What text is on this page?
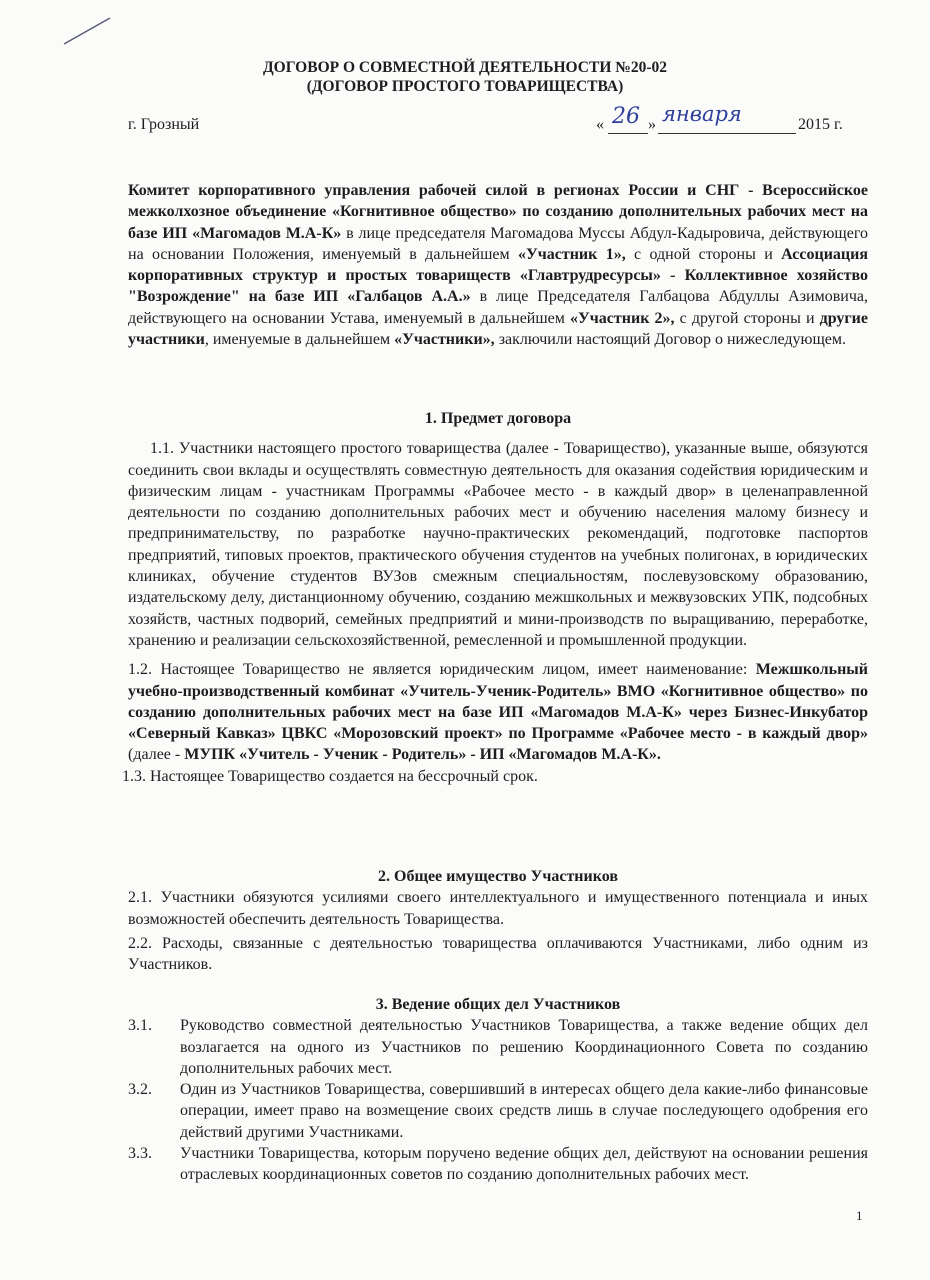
ДОГОВОР О СОВМЕСТНОЙ ДЕЯТЕЛЬНОСТИ №20-02
(ДОГОВОР ПРОСТОГО ТОВАРИЩЕСТВА)
г. Грозный	« 26 » января	2015 г.

Комитет корпоративного управления рабочей силой в регионах России и СНГ - Всероссийское межколхозное объединение «Когнитивное общество» по созданию дополнительных рабочих мест на базе ИП «Магомадов М.А-К» в лице председателя Магомадова Муссы Абдул-Кадыровича, действующего на основании Положения, именуемый в дальнейшем «Участник 1», с одной стороны и Ассоциация корпоративных структур и простых товариществ «Главтрудресурсы» - Коллективное хозяйство "Возрождение" на базе ИП «Галбацов А.А.» в лице Председателя Галбацова Абдуллы Азимовича, действующего на основании Устава, именуемый в дальнейшем «Участник 2», с другой стороны и другие участники, именуемые в дальнейшем «Участники», заключили настоящий Договор о нижеследующем.

1. Предмет договора

1.1. Участники настоящего простого товарищества (далее - Товарищество), указанные выше, обязуются соединить свои вклады и осуществлять совместную деятельность для оказания содействия юридическим и физическим лицам - участникам Программы «Рабочее место - в каждый двор» в целенаправленной деятельности по созданию дополнительных рабочих мест и обучению населения малому бизнесу и предпринимательству, по разработке научно-практических рекомендаций, подготовке паспортов предприятий, типовых проектов, практического обучения студентов на учебных полигонах, в юридических клиниках, обучение студентов ВУЗов смежным специальностям, послевузовскому образованию, издательскому делу, дистанционному обучению, созданию межшкольных и межвузовских УПК, подсобных хозяйств, частных подворий, семейных предприятий и мини-производств по выращиванию, переработке, хранению и реализации сельскохозяйственной, ремесленной и промышленной продукции.

1.2. Настоящее Товарищество не является юридическим лицом, имеет наименование: Межшкольный учебно-производственный комбинат «Учитель-Ученик-Родитель» ВМО «Когнитивное общество» по созданию дополнительных рабочих мест на базе ИП «Магомадов М.А-К» через Бизнес-Инкубатор «Северный Кавказ» ЦВКС «Морозовский проект» по Программе «Рабочее место - в каждый двор» (далее - МУПК «Учитель - Ученик - Родитель» - ИП «Магомадов М.А-К».

1.3. Настоящее Товарищество создается на бессрочный срок.

2. Общее имущество Участников

2.1. Участники обязуются усилиями своего интеллектуального и имущественного потенциала и иных возможностей обеспечить деятельность Товарищества.

2.2. Расходы, связанные с деятельностью товарищества оплачиваются Участниками, либо одним из Участников.

3. Ведение общих дел Участников

3.1.	Руководство совместной деятельностью Участников Товарищества, а также ведение общих дел возлагается на одного из Участников по решению Координационного Совета по созданию дополнительных рабочих мест.
3.2.	Один из Участников Товарищества, совершивший в интересах общего дела какие-либо финансовые операции, имеет право на возмещение своих средств лишь в случае последующего одобрения его действий другими Участниками.
3.3.	Участники Товарищества, которым поручено ведение общих дел, действуют на основании решения отраслевых координационных советов по созданию дополнительных рабочих мест.
1
